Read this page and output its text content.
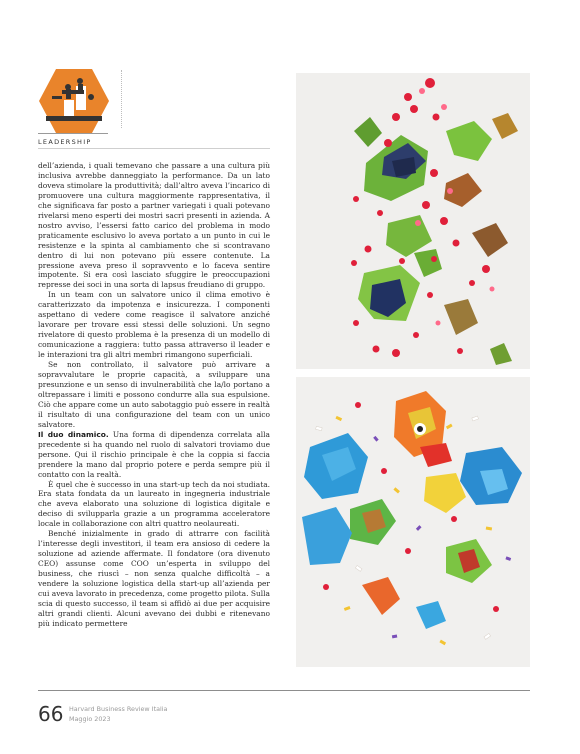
LEADERSHIP

dell’azienda, i quali temevano che passare a una cultura più inclusiva avrebbe danneggiato la performance. Da un lato doveva stimolare la produttività; dall’altro aveva l’incarico di promuovere una cultura maggiormente rappresentativa, il che significava far posto a partner variegati i quali potevano rivelarsi meno esperti dei mostri sacri presenti in azienda. A nostro avviso, l’essersi fatto carico del problema in modo praticamente esclusivo lo aveva portato a un punto in cui le resistenze e la spinta al cambiamento che si scontravano dentro di lui non potevano più essere contenute. La pressione aveva preso il sopravvento e lo faceva sentire impotente. Si era così lasciato sfuggire le preoccupazioni represse dei soci in una sorta di lapsus freudiano di gruppo.

In un team con un salvatore unico il clima emotivo è caratterizzato da impotenza e insicurezza. I componenti aspettano di vedere come reagisce il salvatore anziché lavorare per trovare essi stessi delle soluzioni. Un segno rivelatore di questo problema è la presenza di un modello di comunicazione a raggiera: tutto passa attraverso il leader e le interazioni tra gli altri membri rimangono superficiali.

Se non controllato, il salvatore può arrivare a sopravvalutare le proprie capacità, a sviluppare una presunzione e un senso di invulnerabilità che la/lo portano a oltrepassare i limiti e possono condurre alla sua espulsione. Ciò che appare come un auto sabotaggio può essere in realtà il risultato di una configurazione del team con un unico salvatore.

Il duo dinamico. Una forma di dipendenza correlata alla precedente si ha quando nel ruolo di salvatori troviamo due persone. Qui il rischio principale è che la coppia si faccia prendere la mano dal proprio potere e perda sempre più il contatto con la realtà.

È quel che è successo in una start-up tech da noi studiata. Era stata fondata da un laureato in ingegneria industriale che aveva elaborato una soluzione di logistica digitale e deciso di svilupparla grazie a un programma acceleratore locale in collaborazione con altri quattro neolaureati.

Benché inizialmente in grado di attrarre con facilità l’interesse degli investitori, il team era ansioso di cedere la soluzione ad aziende affermate. Il fondatore (ora divenuto CEO) assunse come COO un’esperta in sviluppo del business, che riuscì – non senza qualche difficoltà – a vendere la soluzione logistica della start-up all’azienda per cui aveva lavorato in precedenza, come progetto pilota. Sulla scia di questo successo, il team si affidò ai due per acquisire altri grandi clienti. Alcuni avevano dei dubbi e ritenevano più indicato permettere

66 Harvard Business Review Italia
Maggio 2023
